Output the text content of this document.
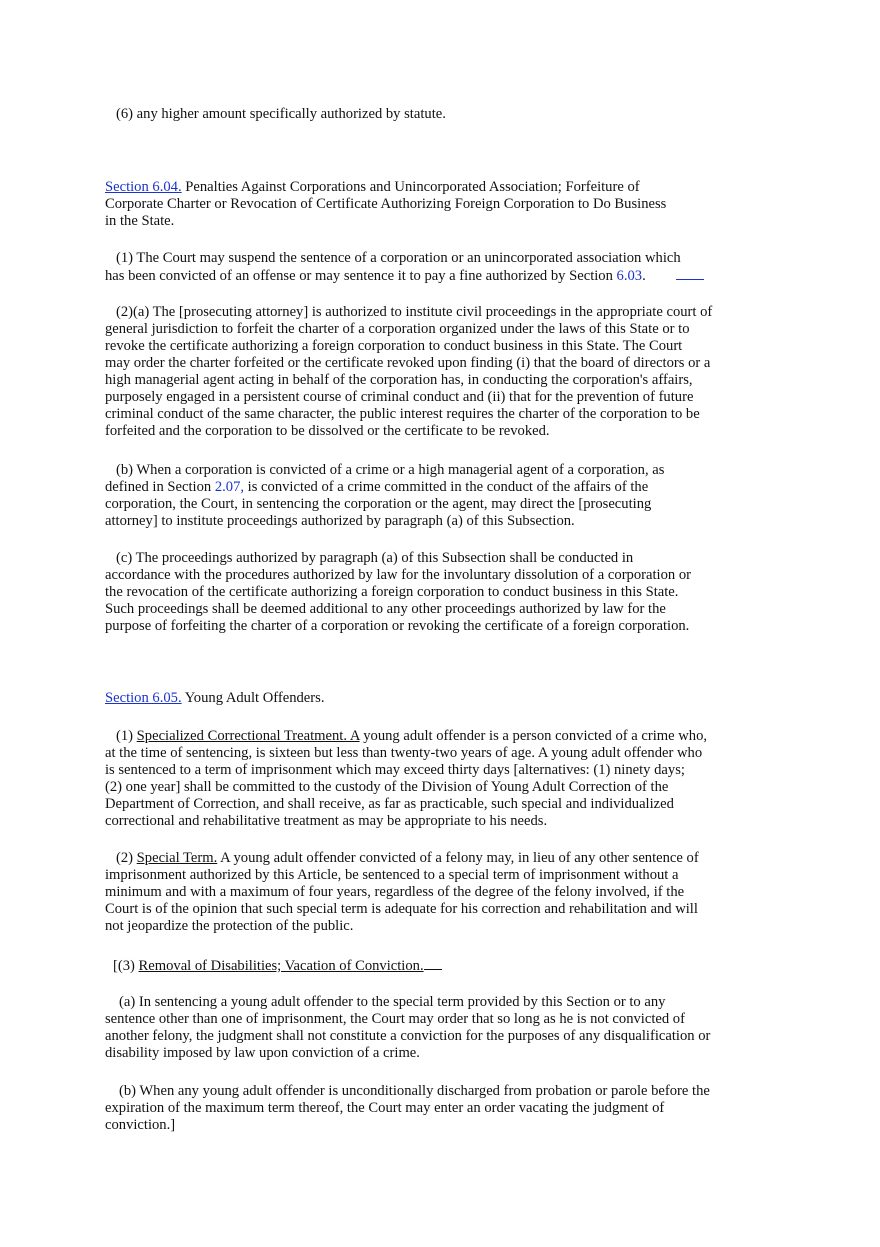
(6) any higher amount specifically authorized by statute.

Section 6.04. Penalties Against Corporations and Unincorporated Association; Forfeiture of
Corporate Charter or Revocation of Certificate Authorizing Foreign Corporation to Do Business
in the State.

(1) The Court may suspend the sentence of a corporation or an unincorporated association which
has been convicted of an offense or may sentence it to pay a fine authorized by Section 6.03.

(2)(a) The [prosecuting attorney] is authorized to institute civil proceedings in the appropriate court of
general jurisdiction to forfeit the charter of a corporation organized under the laws of this State or to
revoke the certificate authorizing a foreign corporation to conduct business in this State. The Court
may order the charter forfeited or the certificate revoked upon finding (i) that the board of directors or a
high managerial agent acting in behalf of the corporation has, in conducting the corporation's affairs,
purposely engaged in a persistent course of criminal conduct and (ii) that for the prevention of future
criminal conduct of the same character, the public interest requires the charter of the corporation to be
forfeited and the corporation to be dissolved or the certificate to be revoked.

(b) When a corporation is convicted of a crime or a high managerial agent of a corporation, as
defined in Section 2.07, is convicted of a crime committed in the conduct of the affairs of the
corporation, the Court, in sentencing the corporation or the agent, may direct the [prosecuting
attorney] to institute proceedings authorized by paragraph (a) of this Subsection.

(c) The proceedings authorized by paragraph (a) of this Subsection shall be conducted in
accordance with the procedures authorized by law for the involuntary dissolution of a corporation or
the revocation of the certificate authorizing a foreign corporation to conduct business in this State.
Such proceedings shall be deemed additional to any other proceedings authorized by law for the
purpose of forfeiting the charter of a corporation or revoking the certificate of a foreign corporation.

Section 6.05. Young Adult Offenders.

(1) Specialized Correctional Treatment. A young adult offender is a person convicted of a crime who,
at the time of sentencing, is sixteen but less than twenty-two years of age. A young adult offender who
is sentenced to a term of imprisonment which may exceed thirty days [alternatives: (1) ninety days;
(2) one year] shall be committed to the custody of the Division of Young Adult Correction of the
Department of Correction, and shall receive, as far as practicable, such special and individualized
correctional and rehabilitative treatment as may be appropriate to his needs.

(2) Special Term. A young adult offender convicted of a felony may, in lieu of any other sentence of
imprisonment authorized by this Article, be sentenced to a special term of imprisonment without a
minimum and with a maximum of four years, regardless of the degree of the felony involved, if the
Court is of the opinion that such special term is adequate for his correction and rehabilitation and will
not jeopardize the protection of the public.

[(3) Removal of Disabilities; Vacation of Conviction.

(a) In sentencing a young adult offender to the special term provided by this Section or to any
sentence other than one of imprisonment, the Court may order that so long as he is not convicted of
another felony, the judgment shall not constitute a conviction for the purposes of any disqualification or
disability imposed by law upon conviction of a crime.

(b) When any young adult offender is unconditionally discharged from probation or parole before the
expiration of the maximum term thereof, the Court may enter an order vacating the judgment of
conviction.]
